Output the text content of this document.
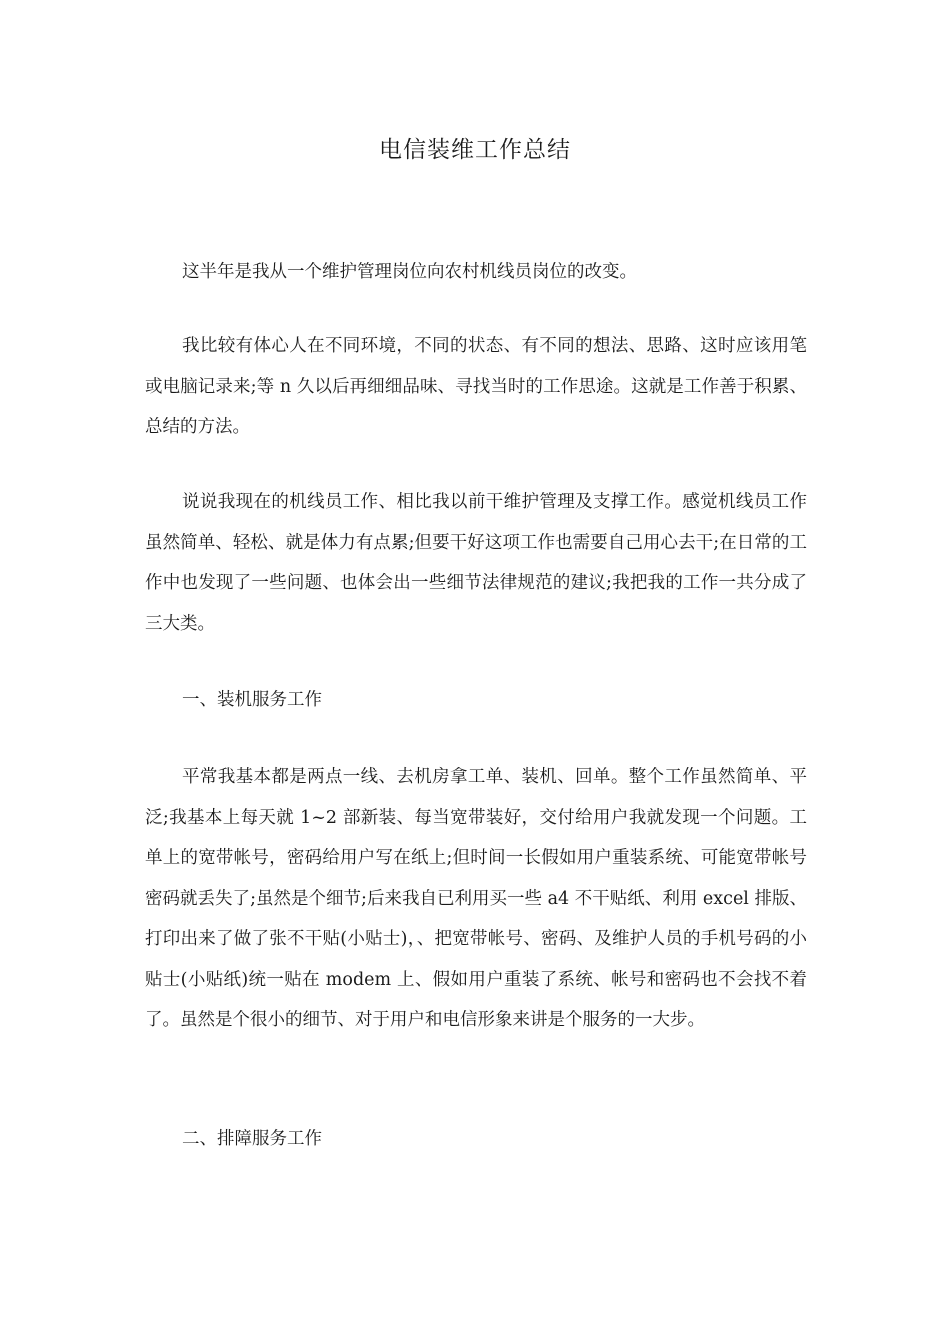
电信装维工作总结

这半年是我从一个维护管理岗位向农村机线员岗位的改变。

我比较有体心人在不同环境，不同的状态、有不同的想法、思路、这时应该用笔或电脑记录来;等 n 久以后再细细品味、寻找当时的工作思途。这就是工作善于积累、总结的方法。

说说我现在的机线员工作、相比我以前干维护管理及支撑工作。感觉机线员工作虽然简单、轻松、就是体力有点累;但要干好这项工作也需要自己用心去干;在日常的工作中也发现了一些问题、也体会出一些细节法律规范的建议;我把我的工作一共分成了三大类。

一、装机服务工作

平常我基本都是两点一线、去机房拿工单、装机、回单。整个工作虽然简单、平泛;我基本上每天就 1~2 部新装、每当宽带装好，交付给用户我就发现一个问题。工单上的宽带帐号，密码给用户写在纸上;但时间一长假如用户重装系统、可能宽带帐号密码就丢失了;虽然是个细节;后来我自已利用买一些 a4 不干贴纸、利用 excel 排版、打印出来了做了张不干贴(小贴士)，、把宽带帐号、密码、及维护人员的手机号码的小贴士(小贴纸)统一贴在 modem 上、假如用户重装了系统、帐号和密码也不会找不着了。虽然是个很小的细节、对于用户和电信形象来讲是个服务的一大步。

二、排障服务工作
